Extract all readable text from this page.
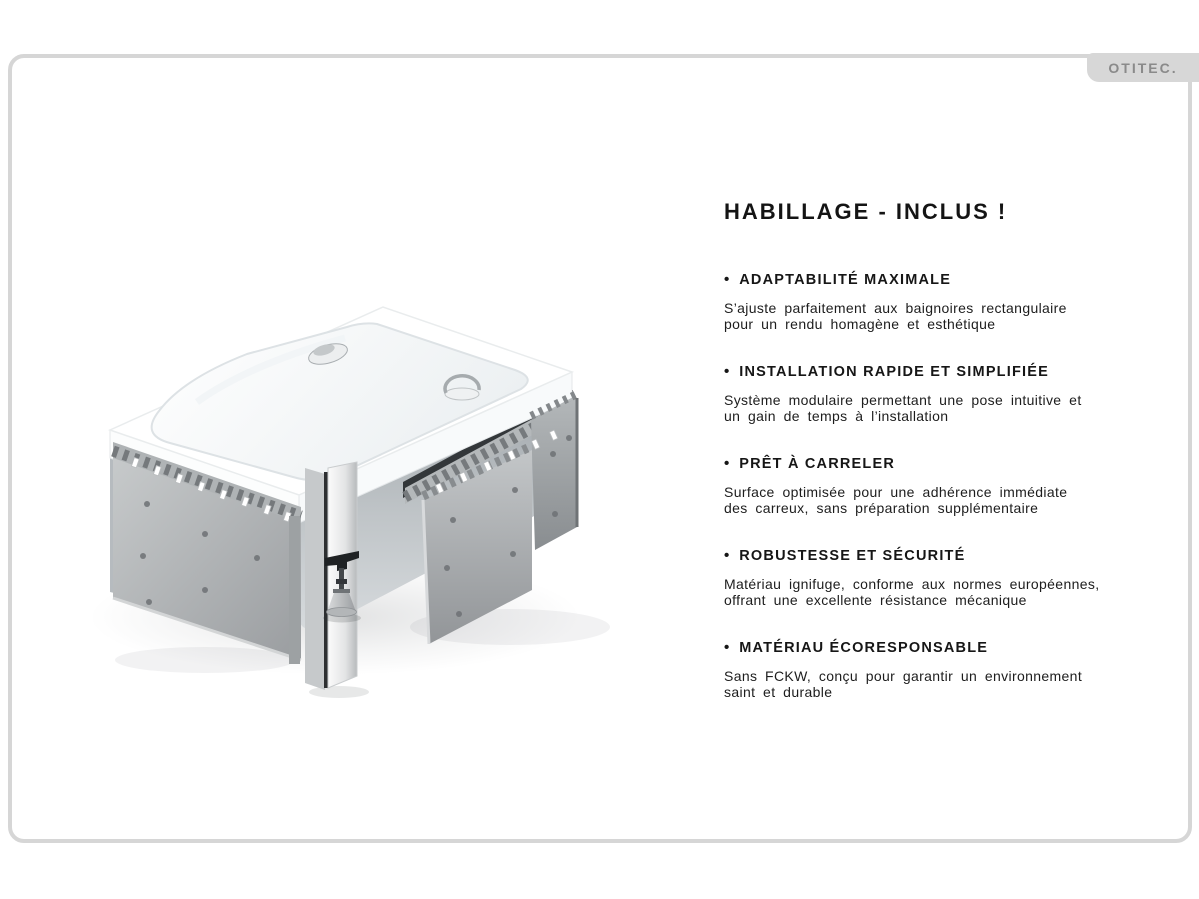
OTITEC.
HABILLAGE - INCLUS !
• ADAPTABILITÉ MAXIMALE
S’ajuste parfaitement aux baignoires rectangulaire
pour un rendu homagène et esthétique
• INSTALLATION RAPIDE ET SIMPLIFIÉE
Système modulaire permettant une pose intuitive et
un gain de temps à l’installation
• PRÊT À CARRELER
Surface optimisée pour une adhérence immédiate
des carreux, sans préparation supplémentaire
• ROBUSTESSE ET SÉCURITÉ
Matériau ignifuge, conforme aux normes européennes,
offrant une excellente résistance mécanique
• MATÉRIAU ÉCORESPONSABLE
Sans FCKW, conçu pour garantir un environnement
saint et durable
